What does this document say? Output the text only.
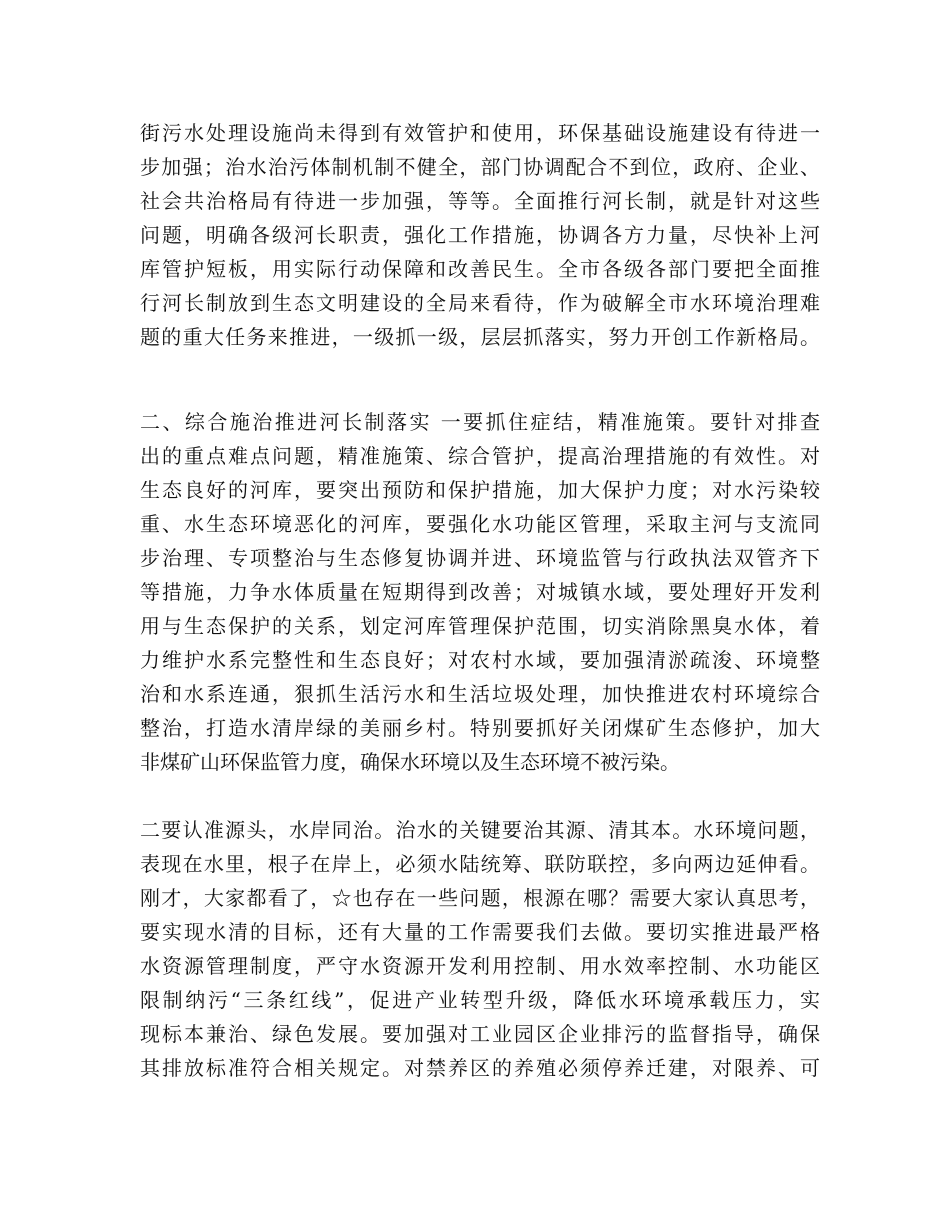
街污水处理设施尚未得到有效管护和使用，环保基础设施建设有待进一
步加强；治水治污体制机制不健全，部门协调配合不到位，政府、企业、
社会共治格局有待进一步加强，等等。全面推行河长制，就是针对这些
问题，明确各级河长职责，强化工作措施，协调各方力量，尽快补上河
库管护短板，用实际行动保障和改善民生。全市各级各部门要把全面推
行河长制放到生态文明建设的全局来看待，作为破解全市水环境治理难
题的重大任务来推进，一级抓一级，层层抓落实，努力开创工作新格局。
二、综合施治推进河长制落实 一要抓住症结，精准施策。要针对排查
出的重点难点问题，精准施策、综合管护，提高治理措施的有效性。对
生态良好的河库，要突出预防和保护措施，加大保护力度；对水污染较
重、水生态环境恶化的河库，要强化水功能区管理，采取主河与支流同
步治理、专项整治与生态修复协调并进、环境监管与行政执法双管齐下
等措施，力争水体质量在短期得到改善；对城镇水域，要处理好开发利
用与生态保护的关系，划定河库管理保护范围，切实消除黑臭水体，着
力维护水系完整性和生态良好；对农村水域，要加强清淤疏浚、环境整
治和水系连通，狠抓生活污水和生活垃圾处理，加快推进农村环境综合
整治，打造水清岸绿的美丽乡村。特别要抓好关闭煤矿生态修护，加大
非煤矿山环保监管力度，确保水环境以及生态环境不被污染。
二要认准源头，水岸同治。治水的关键要治其源、清其本。水环境问题，
表现在水里，根子在岸上，必须水陆统筹、联防联控，多向两边延伸看。
刚才，大家都看了，☆也存在一些问题，根源在哪？需要大家认真思考，
要实现水清的目标，还有大量的工作需要我们去做。要切实推进最严格
水资源管理制度，严守水资源开发利用控制、用水效率控制、水功能区
限制纳污“三条红线”，促进产业转型升级，降低水环境承载压力，实
现标本兼治、绿色发展。要加强对工业园区企业排污的监督指导，确保
其排放标准符合相关规定。对禁养区的养殖必须停养迁建，对限养、可
